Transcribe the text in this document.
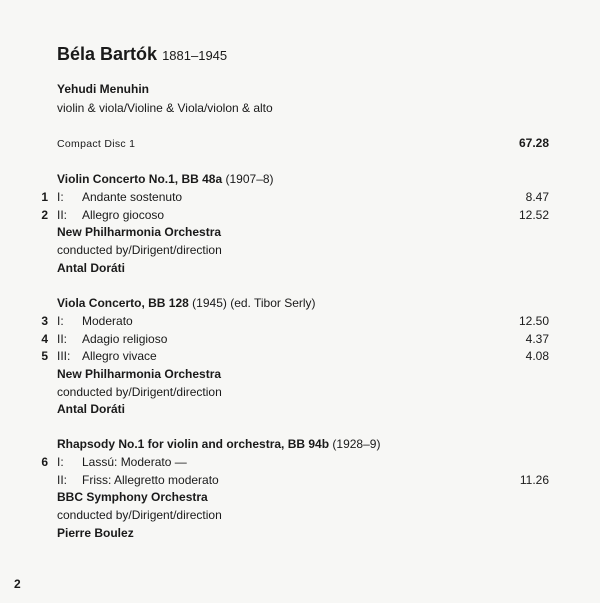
Béla Bartók 1881–1945
Yehudi Menuhin
violin & viola/Violine & Viola/violon & alto
Compact Disc 1	67.28
Violin Concerto No.1, BB 48a (1907–8)
1 I: Andante sostenuto	8.47
2 II: Allegro giocoso	12.52
New Philharmonia Orchestra
conducted by/Dirigent/direction
Antal Doráti
Viola Concerto, BB 128 (1945) (ed. Tibor Serly)
3 I: Moderato	12.50
4 II: Adagio religioso	4.37
5 III: Allegro vivace	4.08
New Philharmonia Orchestra
conducted by/Dirigent/direction
Antal Doráti
Rhapsody No.1 for violin and orchestra, BB 94b (1928–9)
6 I: Lassú: Moderato —
II: Friss: Allegretto moderato	11.26
BBC Symphony Orchestra
conducted by/Dirigent/direction
Pierre Boulez
2
